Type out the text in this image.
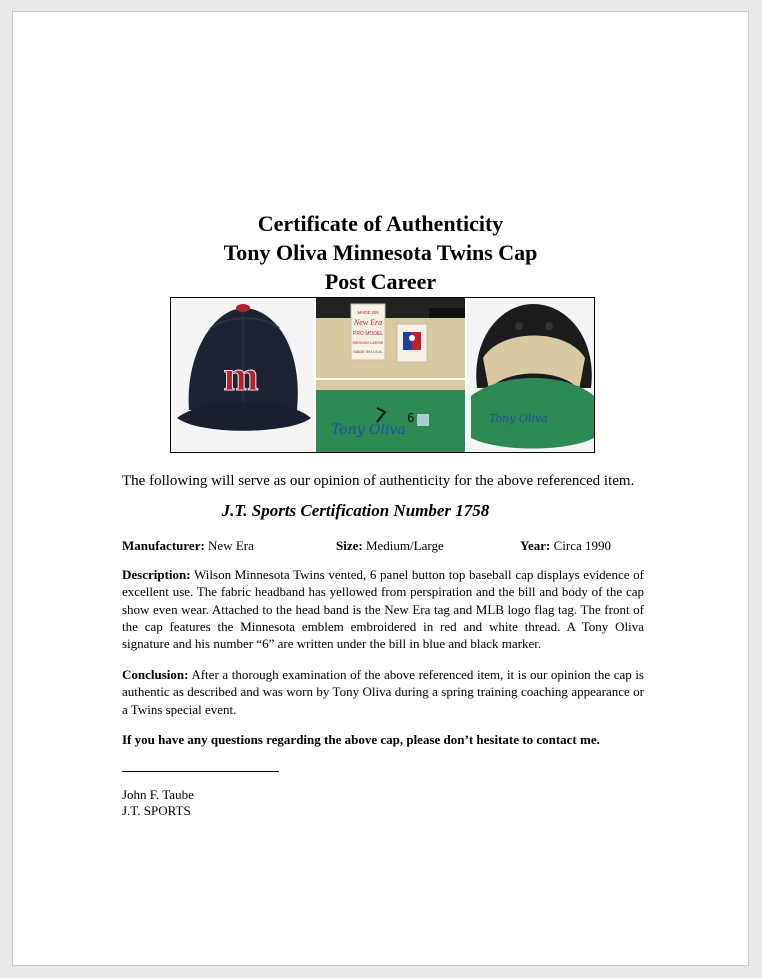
Certificate of Authenticity
Tony Oliva Minnesota Twins Cap
Post Career
m
MADE ON
New Era
PRO MODEL
MEDIUM LARGE
MADE IN U.S.A.
Tony Oliva
6	Tony Oliva
The following will serve as our opinion of authenticity for the above referenced item.
J.T. Sports Certification Number 1758
Manufacturer: New Era	Size: Medium/Large	Year: Circa 1990
Description: Wilson Minnesota Twins vented, 6 panel button top baseball cap displays evidence of excellent use. The fabric headband has yellowed from perspiration and the bill and body of the cap show even wear. Attached to the head band is the New Era tag and MLB logo flag tag. The front of the cap features the Minnesota emblem embroidered in red and white thread. A Tony Oliva signature and his number “6” are written under the bill in blue and black marker.
Conclusion: After a thorough examination of the above referenced item, it is our opinion the cap is authentic as described and was worn by Tony Oliva during a spring training coaching appearance or a Twins special event.
If you have any questions regarding the above cap, please don’t hesitate to contact me.
John F. Taube
J.T. SPORTS
